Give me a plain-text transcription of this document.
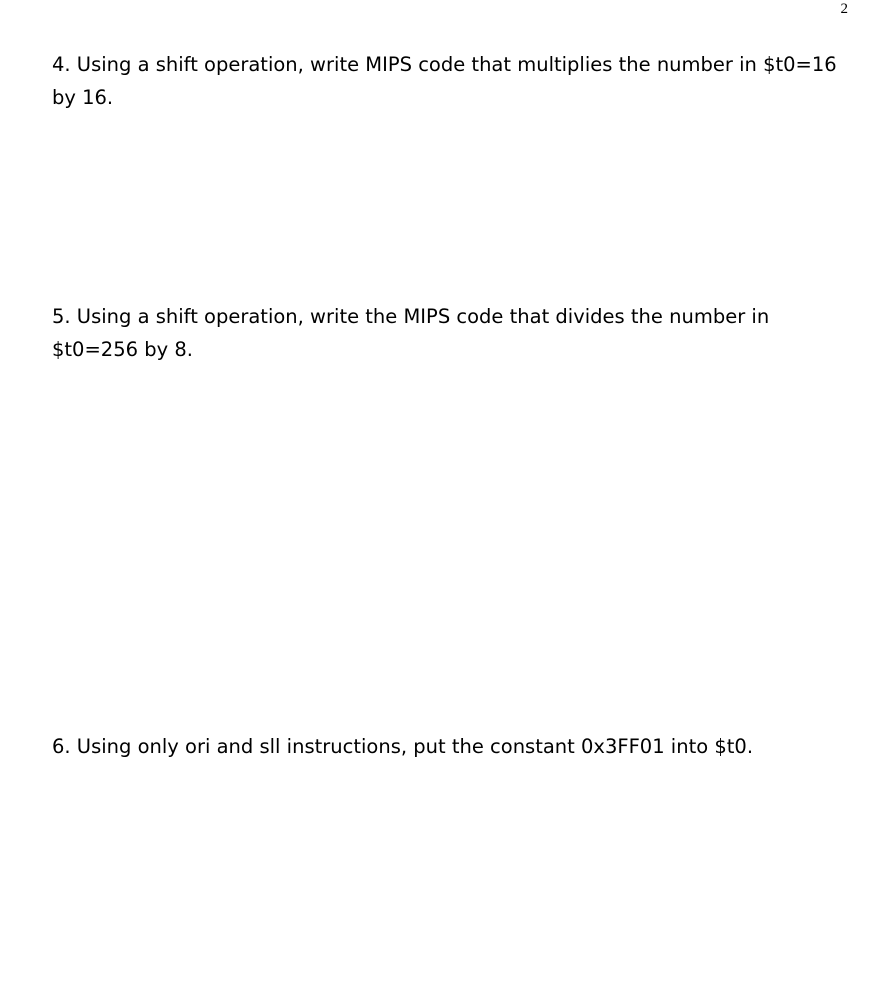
2

4. Using a shift operation, write MIPS code that multiplies the number in $t0=16 by 16.

5. Using a shift operation, write the MIPS code that divides the number in $t0=256 by 8.

6. Using only ori and sll instructions, put the constant 0x3FF01 into $t0.
